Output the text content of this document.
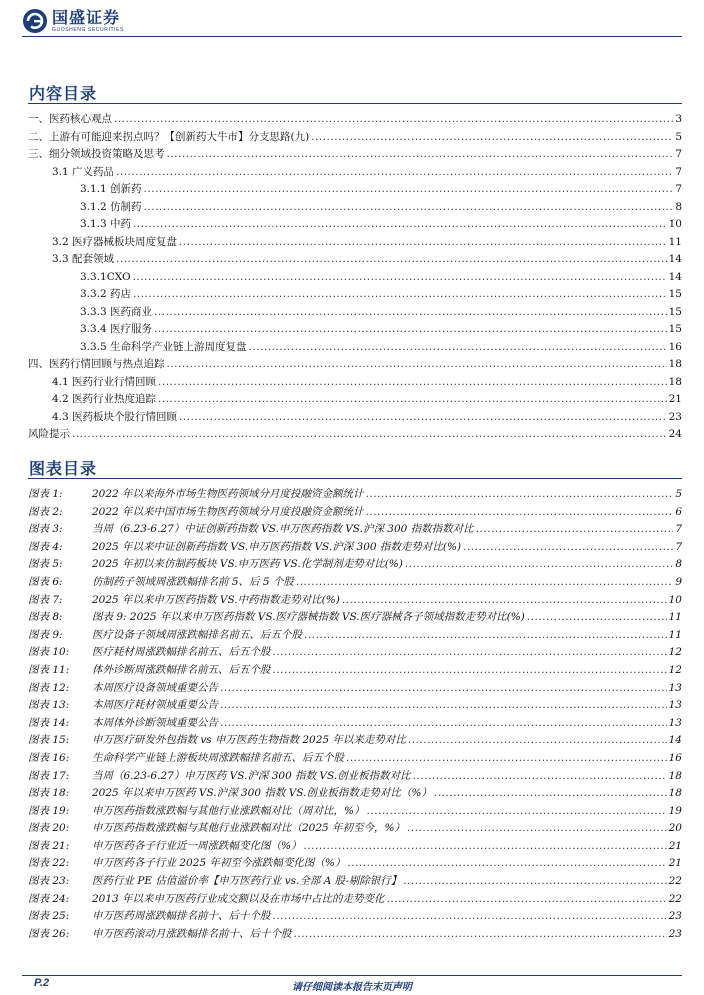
国盛证券
GUOSHENG SECURITIES
内容目录
一、医药核心观点 .....	3
二、上游有可能迎来拐点吗？【创新药大牛市】分支思路(九) .....	5
三、细分领域投资策略及思考 .....	7
3.1 广义药品 .....	7
3.1.1 创新药 .....	7
3.1.2 仿制药 .....	8
3.1.3 中药 .....	10
3.2 医疗器械板块周度复盘 .....	11
3.3 配套领域 .....	14
3.3.1CXO .....	14
3.3.2 药店 .....	15
3.3.3 医药商业 .....	15
3.3.4 医疗服务 .....	15
3.3.5 生命科学产业链上游周度复盘 .....	16
四、医药行情回顾与热点追踪 .....	18
4.1 医药行业行情回顾 .....	18
4.2 医药行业热度追踪 .....	21
4.3 医药板块个股行情回顾 .....	23
风险提示 .....	24
图表目录
图表 1:	2022 年以来海外市场生物医药领域分月度投融资金额统计 .....	5
图表 2:	2022 年以来中国市场生物医药领域分月度投融资金额统计 .....	6
图表 3:	当周（6.23-6.27）中证创新药指数 VS.申万医药指数 VS.沪深 300 指数指数对比 .....	7
图表 4:	2025 年以来中证创新药指数 VS.申万医药指数 VS.沪深 300 指数走势对比(%) .....	7
图表 5:	2025 年初以来仿制药板块 VS.申万医药 VS.化学制剂走势对比(%) .....	8
图表 6:	仿制药子领域周涨跌幅排名前 5、后 5 个股 .....	9
图表 7:	2025 年以来申万医药指数 VS.中药指数走势对比(%) .....	10
图表 8:	图表 9: 2025 年以来申万医药指数 VS.医疗器械指数 VS.医疗器械各子领域指数走势对比(%) .....	11
图表 9:	医疗设备子领域周涨跌幅排名前五、后五个股 .....	11
图表 10:	医疗耗材周涨跌幅排名前五、后五个股 .....	12
图表 11:	体外诊断周涨跌幅排名前五、后五个股 .....	12
图表 12:	本周医疗设备领域重要公告 .....	13
图表 13:	本周医疗耗材领域重要公告 .....	13
图表 14:	本周体外诊断领域重要公告 .....	13
图表 15:	申万医疗研发外包指数 vs 申万医药生物指数 2025 年以来走势对比 .....	14
图表 16:	生命科学产业链上游板块周涨跌幅排名前五、后五个股 .....	16
图表 17:	当周（6.23-6.27）申万医药 VS.沪深 300 指数 VS.创业板指数对比 .....	18
图表 18:	2025 年以来申万医药 VS.沪深 300 指数 VS.创业板指数走势对比（%） .....	18
图表 19:	申万医药指数涨跌幅与其他行业涨跌幅对比（周对比，%） .....	19
图表 20:	申万医药指数涨跌幅与其他行业涨跌幅对比（2025 年初至今，%） .....	20
图表 21:	申万医药各子行业近一周涨跌幅变化图（%） .....	21
图表 22:	申万医药各子行业 2025 年初至今涨跌幅变化图（%） .....	21
图表 23:	医药行业 PE 估值溢价率【申万医药行业 vs.全部 A 股-剔除银行】 .....	22
图表 24:	2013 年以来申万医药行业成交额以及在市场中占比的走势变化 .....	22
图表 25:	申万医药周涨跌幅排名前十、后十个股 .....	23
图表 26:	申万医药滚动月涨跌幅排名前十、后十个股 .....	23
P.2	请仔细阅读本报告末页声明
